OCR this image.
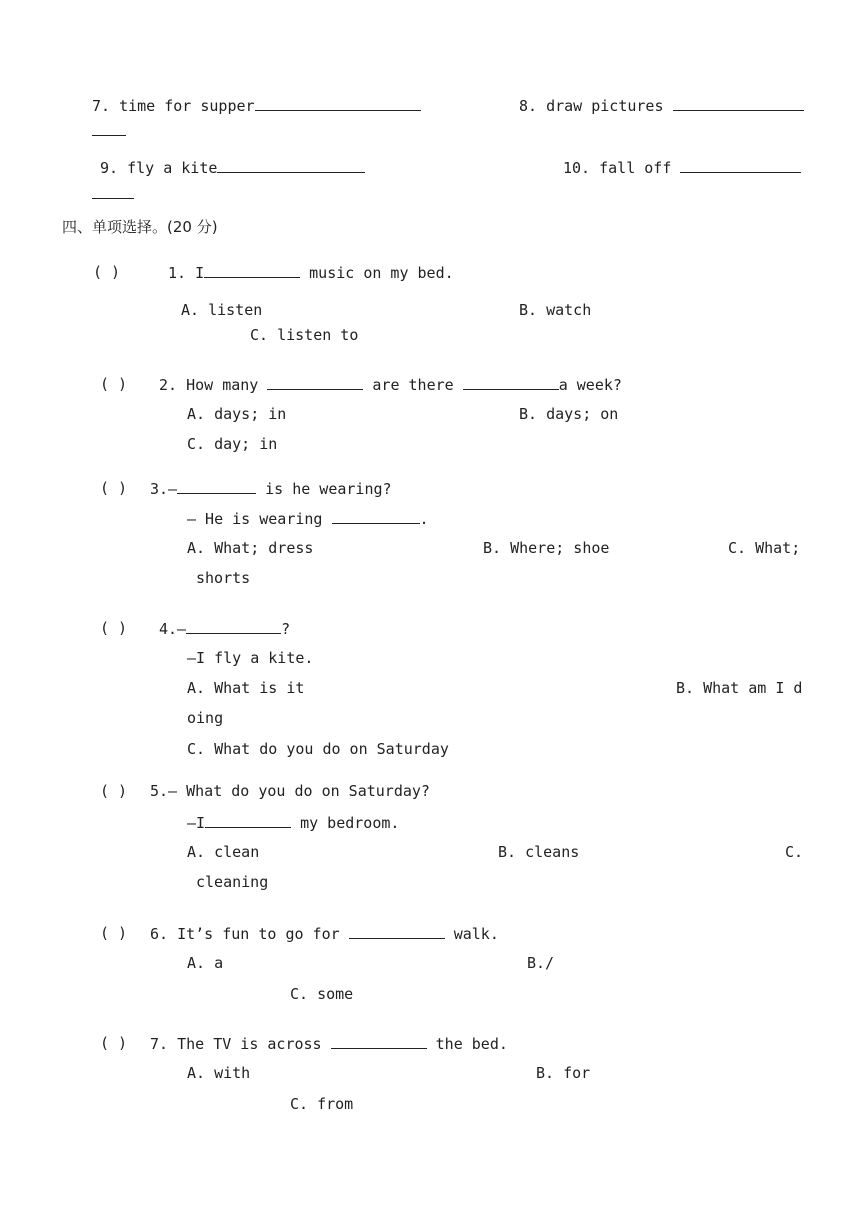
7. time for supper	8. draw pictures
9. fly a kite	10. fall off
四、单项选择。(20 分)
( )	1. I	music on my bed.
A. listen	B. watch
C. listen to
( ) 2. How many	are there	a week?
A. days; in	B. days; on
C. day; in
( ) 3.—	is he wearing?
— He is wearing	.
A. What; dress	B. Where; shoe	C. What;
shorts
( ) 4.—	?
—I fly a kite.
A. What is it	B. What am I d
oing
C. What do you do on Saturday
( ) 5.— What do you do on Saturday?
—I	my bedroom.
A. clean	B. cleans	C.
cleaning
( ) 6. It’s fun to go for	walk.
A. a	B./
C. some
( ) 7. The TV is across	the bed.
A. with	B. for
C. from
